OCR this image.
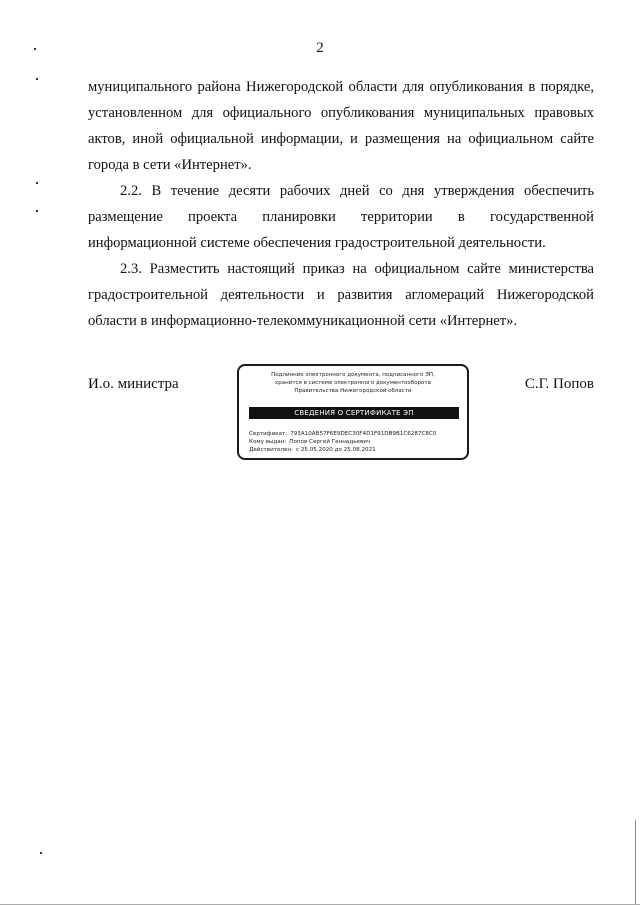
2

муниципального района Нижегородской области для опубликования в порядке, установленном для официального опубликования муниципальных правовых актов, иной официальной информации, и размещения на официальном сайте города в сети «Интернет».

2.2. В течение десяти рабочих дней со дня утверждения обеспечить размещение проекта планировки территории в государственной информационной системе обеспечения градостроительной деятельности.

2.3. Разместить настоящий приказ на официальном сайте министерства градостроительной деятельности и развития агломераций Нижегородской области в информационно-телекоммуникационной сети «Интернет».

И.о. министра
Подлинник электронного документа, подписанного ЭП,
хранится в системе электронного документооборота
Правительства Нижегородской области
СВЕДЕНИЯ О СЕРТИФИКАТЕ ЭП
Сертификат: 793A10AB57F6E9DEC30F4D1F91DB9B1C6287C8C0
Кому выдан: Попов Сергей Геннадьевич
Действителен: с 25.05.2020 до 25.08.2021
С.Г. Попов
